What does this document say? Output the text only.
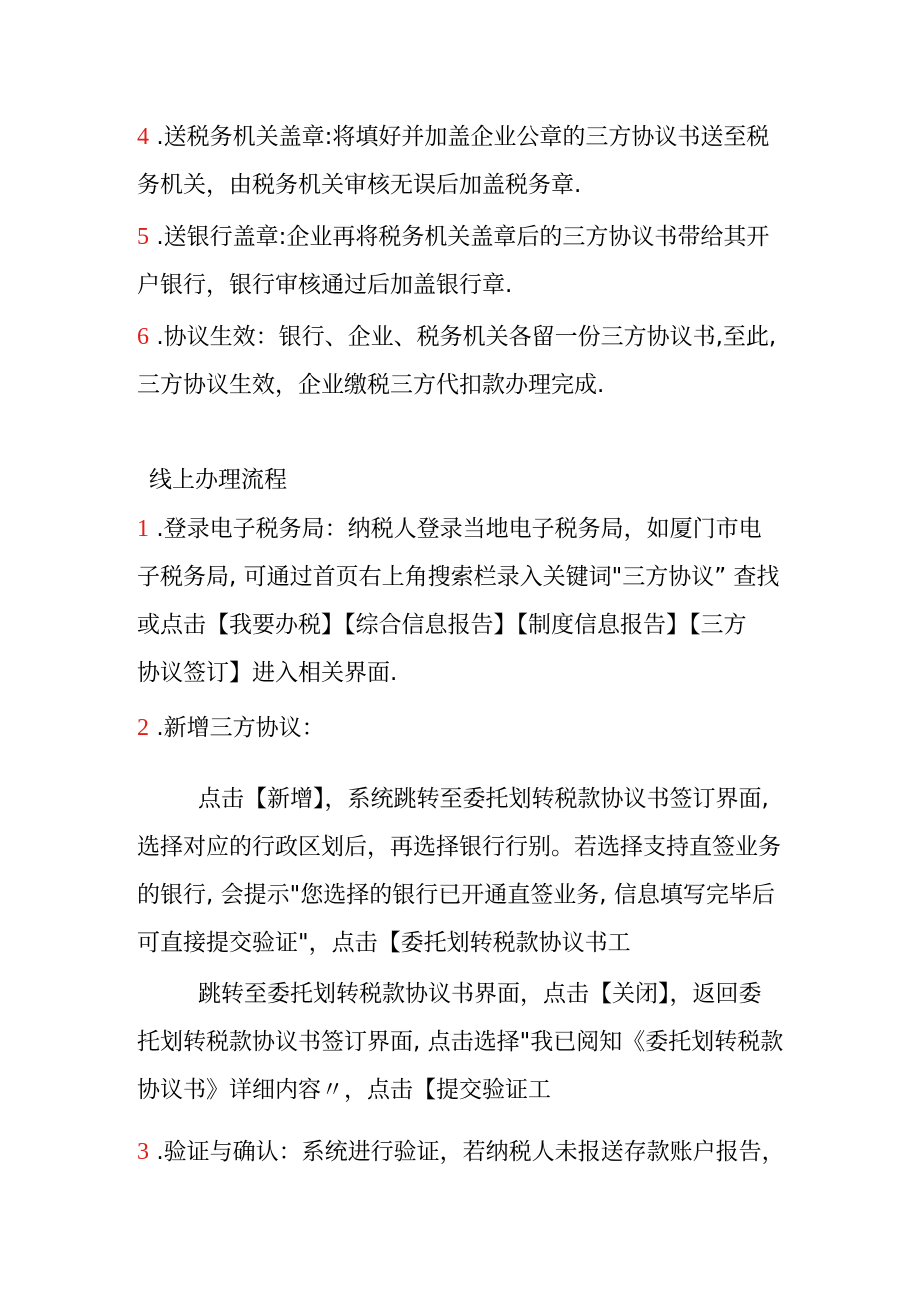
4 .送税务机关盖章:将填好并加盖企业公章的三方协议书送至税
务机关，由税务机关审核无误后加盖税务章.
5 .送银行盖章:企业再将税务机关盖章后的三方协议书带给其开
户银行，银行审核通过后加盖银行章.
6 .协议生效：银行、企业、税务机关各留一份三方协议书,至此,
三方协议生效，企业缴税三方代扣款办理完成.
线上办理流程
1 .登录电子税务局：纳税人登录当地电子税务局，如厦门市电
子税务局, 可通过首页右上角搜索栏录入关键词"三方协议” 查找
或点击【我要办税】【综合信息报告】【制度信息报告】【三方
协议签订】进入相关界面.
2 .新增三方协议：
点击【新增】，系统跳转至委托划转税款协议书签订界面,
选择对应的行政区划后，再选择银行行别。若选择支持直签业务
的银行, 会提示"您选择的银行已开通直签业务, 信息填写完毕后
可直接提交验证"，点击【委托划转税款协议书工
跳转至委托划转税款协议书界面，点击【关闭】，返回委
托划转税款协议书签订界面, 点击选择"我已阅知《委托划转税款
协议书》详细内容〃，点击【提交验证工
3 .验证与确认：系统进行验证，若纳税人未报送存款账户报告，
